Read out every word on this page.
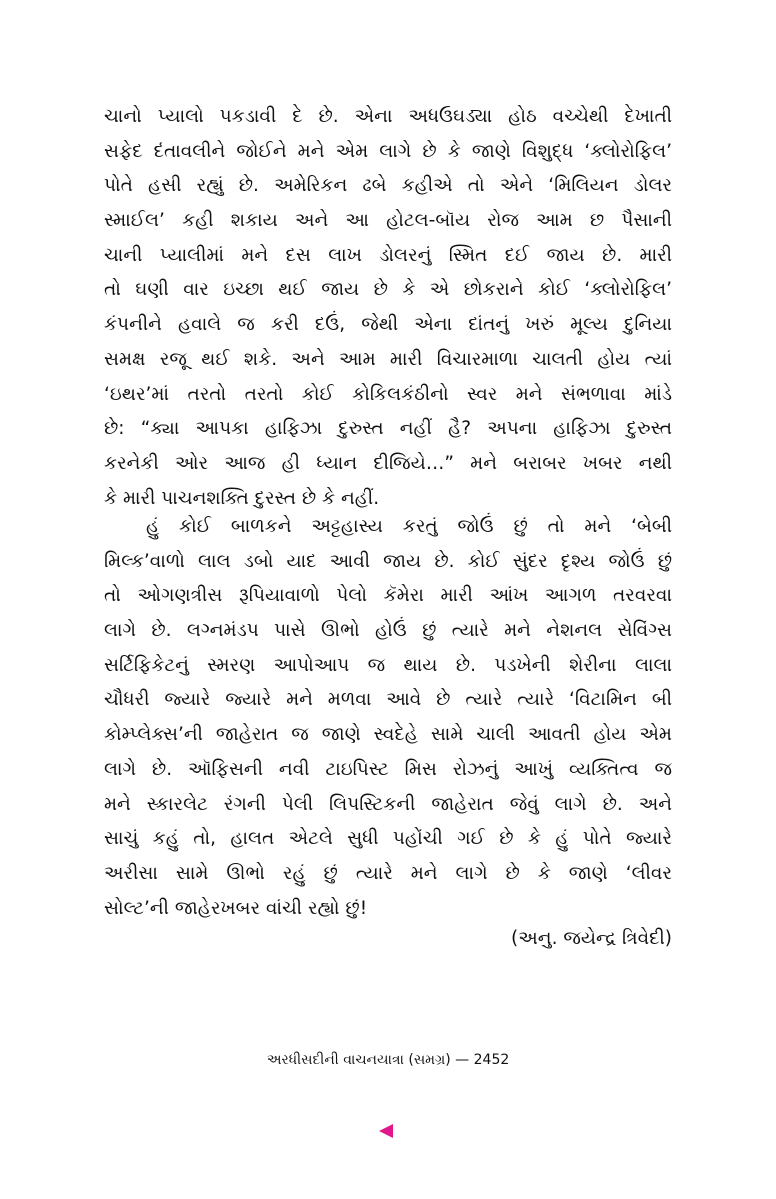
ચાનો પ્યાલો પકડાવી દે છે. એના અધઉઘડ્યા હોઠ વચ્ચેથી દેખાતી
સફેદ દંતાવલીને જોઈને મને એમ લાગે છે કે જાણે વિશુદ્ધ ‘ક્લોરોફિલ’
પોતે હસી રહ્યું છે. અમેરિકન ઢબે કહીએ તો એને ‘મિલિયન ડોલર
સ્માઈલ’ કહી શકાય અને આ હોટલ-બૉય રોજ આમ છ પૈસાની
ચાની પ્યાલીમાં મને દસ લાખ ડોલરનું સ્મિત દઈ જાય છે. મારી
તો ઘણી વાર ઇચ્છા થઈ જાય છે કે એ છોકરાને કોઈ ‘ક્લોરોફિલ’
કંપનીને હવાલે જ કરી દઉં, જેથી એના દાંતનું ખરું મૂલ્ય દુનિયા
સમક્ષ રજૂ થઈ શકે. અને આમ મારી વિચારમાળા ચાલતી હોય ત્યાં
‘ઇથર’માં તરતો તરતો કોઈ કોકિલકંઠીનો સ્વર મને સંભળાવા માંડે
છે: “ક્યા આપકા હાફિઝા દુરુસ્ત નહીં હૈ? અપના હાફિઝા દુરુસ્ત
કરનેકી ઓર આજ હી ધ્યાન દીજિયે…” મને બરાબર ખબર નથી
કે મારી પાચનશક્તિ દુરસ્ત છે કે નહીં.
હું કોઈ બાળકને અટ્ટહાસ્ય કરતું જોઉં છું તો મને ‘બેબી
મિલ્ક’વાળો લાલ ડબો યાદ આવી જાય છે. કોઈ સુંદર દૃશ્ય જોઉં છું
તો ઓગણત્રીસ રૂપિયાવાળો પેલો કૅમેરા મારી આંખ આગળ તરવરવા
લાગે છે. લગ્નમંડપ પાસે ઊભો હોઉં છું ત્યારે મને નેશનલ સેવિંગ્સ
સર્ટિફિકેટનું સ્મરણ આપોઆપ જ થાય છે. પડખેની શેરીના લાલા
ચૌધરી જ્યારે જ્યારે મને મળવા આવે છે ત્યારે ત્યારે ‘વિટામિન બી
કોમ્પ્લેક્સ’ની જાહેરાત જ જાણે સ્વદેહે સામે ચાલી આવતી હોય એમ
લાગે છે. ઑફિસની નવી ટાઇપિસ્ટ મિસ રોઝનું આખું વ્યક્તિત્વ જ
મને સ્કારલેટ રંગની પેલી લિપસ્ટિકની જાહેરાત જેવું લાગે છે. અને
સાચું કહું તો, હાલત એટલે સુધી પહોંચી ગઈ છે કે હું પોતે જ્યારે
અરીસા સામે ઊભો રહું છું ત્યારે મને લાગે છે કે જાણે ‘લીવર
સોલ્ટ’ની જાહેરખબર વાંચી રહ્યો છું!
(અનુ. જયેન્દ્ર ત્રિવેદી)
અરધીસદીની વાચનયાત્રા (સમગ્ર) — 2452
